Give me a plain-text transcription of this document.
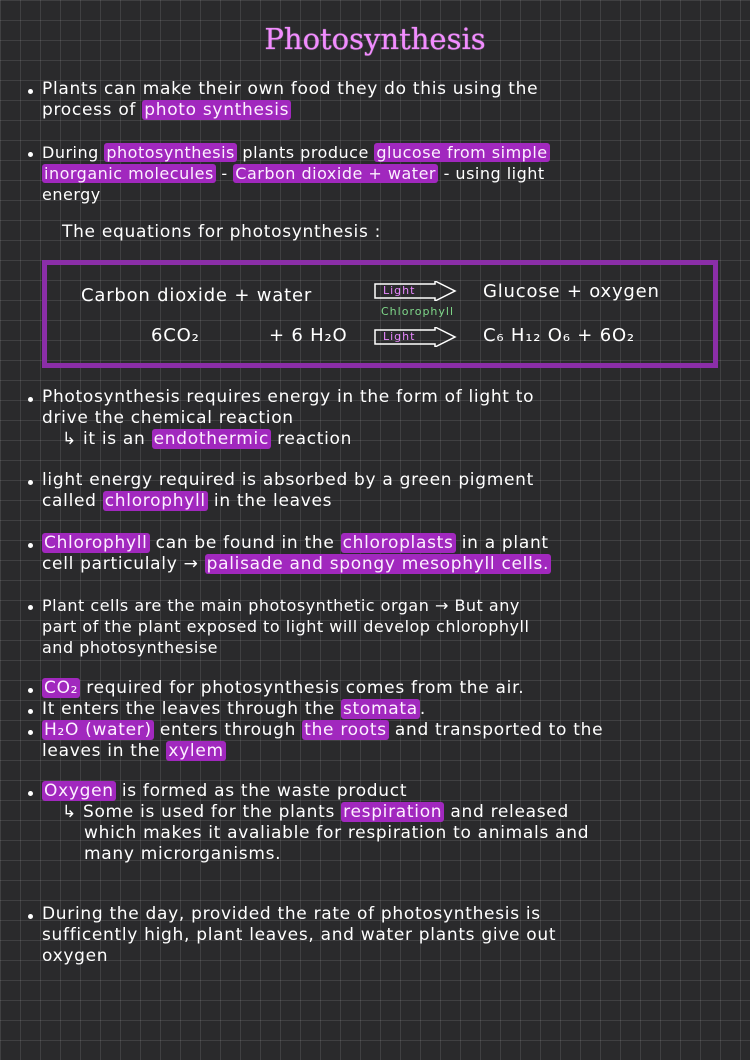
Photosynthesis
Plants can make their own food they do this using the
process of photo synthesis
During photosynthesis plants produce glucose from simple
inorganic molecules - Carbon dioxide + water - using light
energy
The equations for photosynthesis :
Carbon dioxide + water	Glucose + oxygen
6CO₂	+ 6 H₂O	C₆ H₁₂ O₆ + 6O₂
Light
Chlorophyll
Light
Photosynthesis requires energy in the form of light to
drive the chemical reaction
↳ it is an endothermic reaction
light energy required is absorbed by a green pigment
called chlorophyll in the leaves
Chlorophyll can be found in the chloroplasts in a plant
cell particulaly → palisade and spongy mesophyll cells.
Plant cells are the main photosynthetic organ → But any
part of the plant exposed to light will develop chlorophyll
and photosynthesise
CO₂ required for photosynthesis comes from the air.
It enters the leaves through the stomata .
H₂O (water) enters through the roots and transported to the
leaves in the xylem
Oxygen is formed as the waste product
↳ Some is used for the plants respiration and released
which makes it avaliable for respiration to animals and
many microrganisms.
During the day, provided the rate of photosynthesis is
sufficently high, plant leaves, and water plants give out
oxygen
